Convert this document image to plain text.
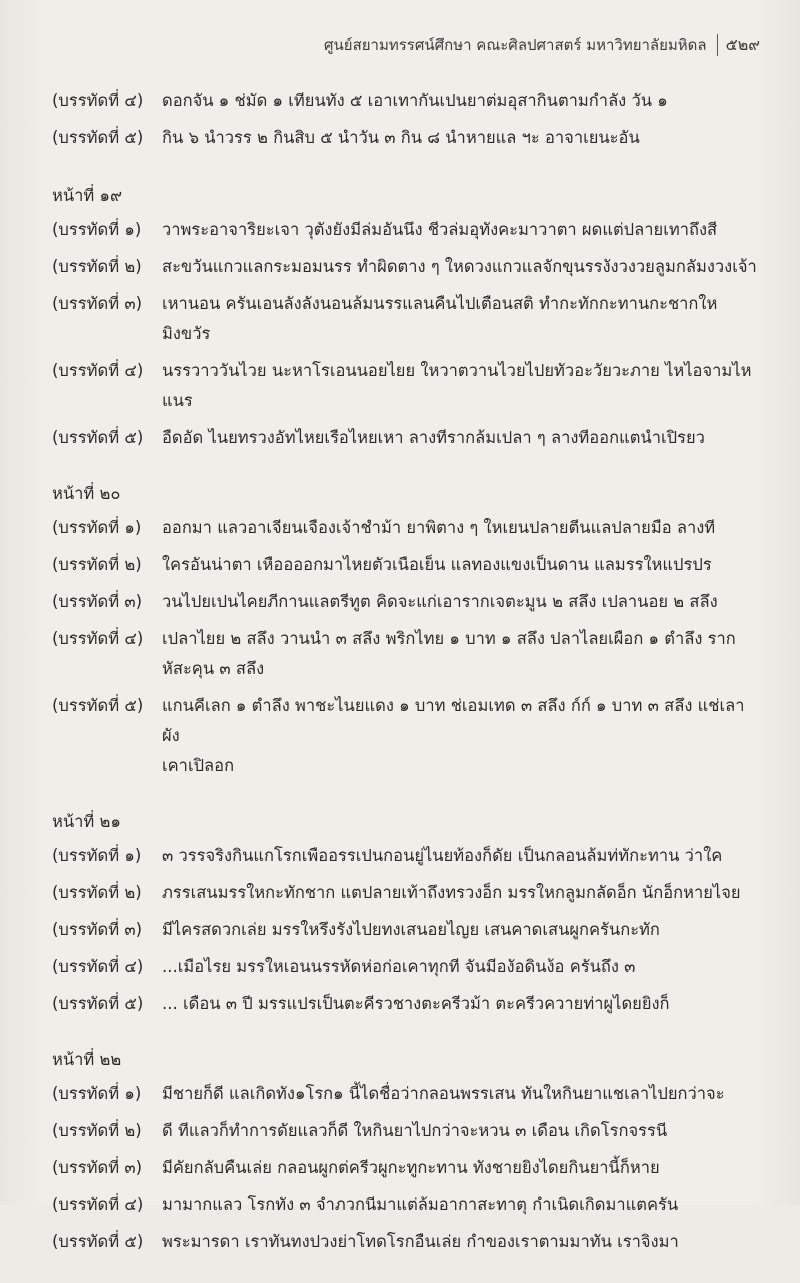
ศูนย์สยามทรรศน์ศึกษา คณะศิลปศาสตร์ มหาวิทยาลัยมหิดล ๕๒๙
(บรรทัดที่ ๔)	ดอกจัน ๑ ช่มัด ๑ เทียนทัง ๕ เอาเทากันเปนยาต่มอุสากินตามกำลัง วัน ๑
(บรรทัดที่ ๕)	กิน ๖ นำวรร ๒ กินสิบ ๕ นำวัน ๓ กิน ๘ นำหายแล ฯะ อาจาเยนะอัน
หน้าที่ ๑๙
(บรรทัดที่ ๑)	วาพระอาจาริยะเจา วุตังยังมีล่มอันนึง ชีวล่มอุทังคะมาวาตา ผดแต่ปลายเทาถึงสี
(บรรทัดที่ ๒)	สะขวันแกวแลกระมอมนรร ทำผิดตาง ๆ ใหดวงแกวแลจักขุนรรงังวงวยลูมกลัมงวงเจ้า
(บรรทัดที่ ๓)	เหานอน ครันเอนลังลังนอนล้มนรรแลนคืนไปเตือนสติ ทำกะทักกะทานกะชากใหมิงขวัร
(บรรทัดที่ ๔)	นรรวาววันไวย นะหาโรเอนนอยไยย ใหวาตวานไวยไปยทัวอะวัยวะภาย ไหไอจามไหแนร
(บรรทัดที่ ๕)	อืดอัด ไนยทรวงอัทไหยเรือไหยเหา ลางทีรากล้มเปลา ๆ ลางทีออกแตนำเปิรยว
หน้าที่ ๒๐
(บรรทัดที่ ๑)	ออกมา แลวอาเจียนเจืองเจ้าชำม้า ยาพิตาง ๆ ใหเยนปลายตีนแลปลายมือ ลางที
(บรรทัดที่ ๒)	ใครอันน่าตา เหืออออกมาไหยตัวเนือเย็น แลทองแขงเป็นดาน แลมรรใหแปรปร
(บรรทัดที่ ๓)	วนไปยเปนไคยภีกานแลตรีทูต คิดจะแก่เอารากเจตะมูน ๒ สลึง เปลานอย ๒ สลึง
(บรรทัดที่ ๔)	เปลาไยย ๒ สลึง วานนำ ๓ สลึง พริกไทย ๑ บาท ๑ สลึง ปลาไลยเผือก ๑ ตำลึง ราก
หัสะคุน ๓ สลึง
(บรรทัดที่ ๕)	แกนคีเลก ๑ ตำลึง พาชะไนยแดง ๑ บาท ช่เอมเทด ๓ สลึง ก์ก์ ๑ บาท ๓ สลึง แช่เลาผัง
เคาเปิลอก
หน้าที่ ๒๑
(บรรทัดที่ ๑)	๓ วรรจริงกินแกโรกเพืออรรเปนกอนยู่ไนยท้องก็ดัย เป็นกลอนล้มท่ทักะทาน ว่าใค
(บรรทัดที่ ๒)	ภรรเสนมรรใหกะทักชาก แตปลายเท้าถึงทรวงอ็ก มรรใหกลูมกลัดอ็ก นักอ็กหายไจย
(บรรทัดที่ ๓)	มีไครสดวกเล่ย มรรใหรึงรังไปยทงเสนอยไญย เสนคาดเสนผูกครันกะทัก
(บรรทัดที่ ๔)	...เมือไรย มรรใหเอนนรรหัดห่อก่อเคาทุกที จันมีองัอดินง้อ ครันถึง ๓
(บรรทัดที่ ๕)	... เดือน ๓ ปี มรรแปรเป็นตะคีรวชางตะครีวม้า ตะครีวควายท่าผูไดยยิงก็
หน้าที่ ๒๒
(บรรทัดที่ ๑)	มีชายก็ดี แลเกิดทัง๑โรก๑ นี้ไดชื่อว่ากลอนพรรเสน ทันใหกินยาแชเลาไปยกว่าจะ
(บรรทัดที่ ๒)	ดี ทีแลวก็ทำการดัยแลวก็ดี ใหกินยาไปกว่าจะหวน ๓ เดือน เกิดโรกจรรนี
(บรรทัดที่ ๓)	มีคัยกลับคืนเล่ย กลอนผูกต่ครีวผูกะทูกะทาน ทังชายยิงไดยกินยานี้ก็หาย
(บรรทัดที่ ๔)	มามากแลว โรกทัง ๓ จำภวกนีมาแต่ล้มอากาสะทาตุ กำเนิดเกิดมาแตครัน
(บรรทัดที่ ๕)	พระมารดา เราทันทงปวงย่าโทดโรกอืนเล่ย กำของเราตามมาทัน เราจิงมา
